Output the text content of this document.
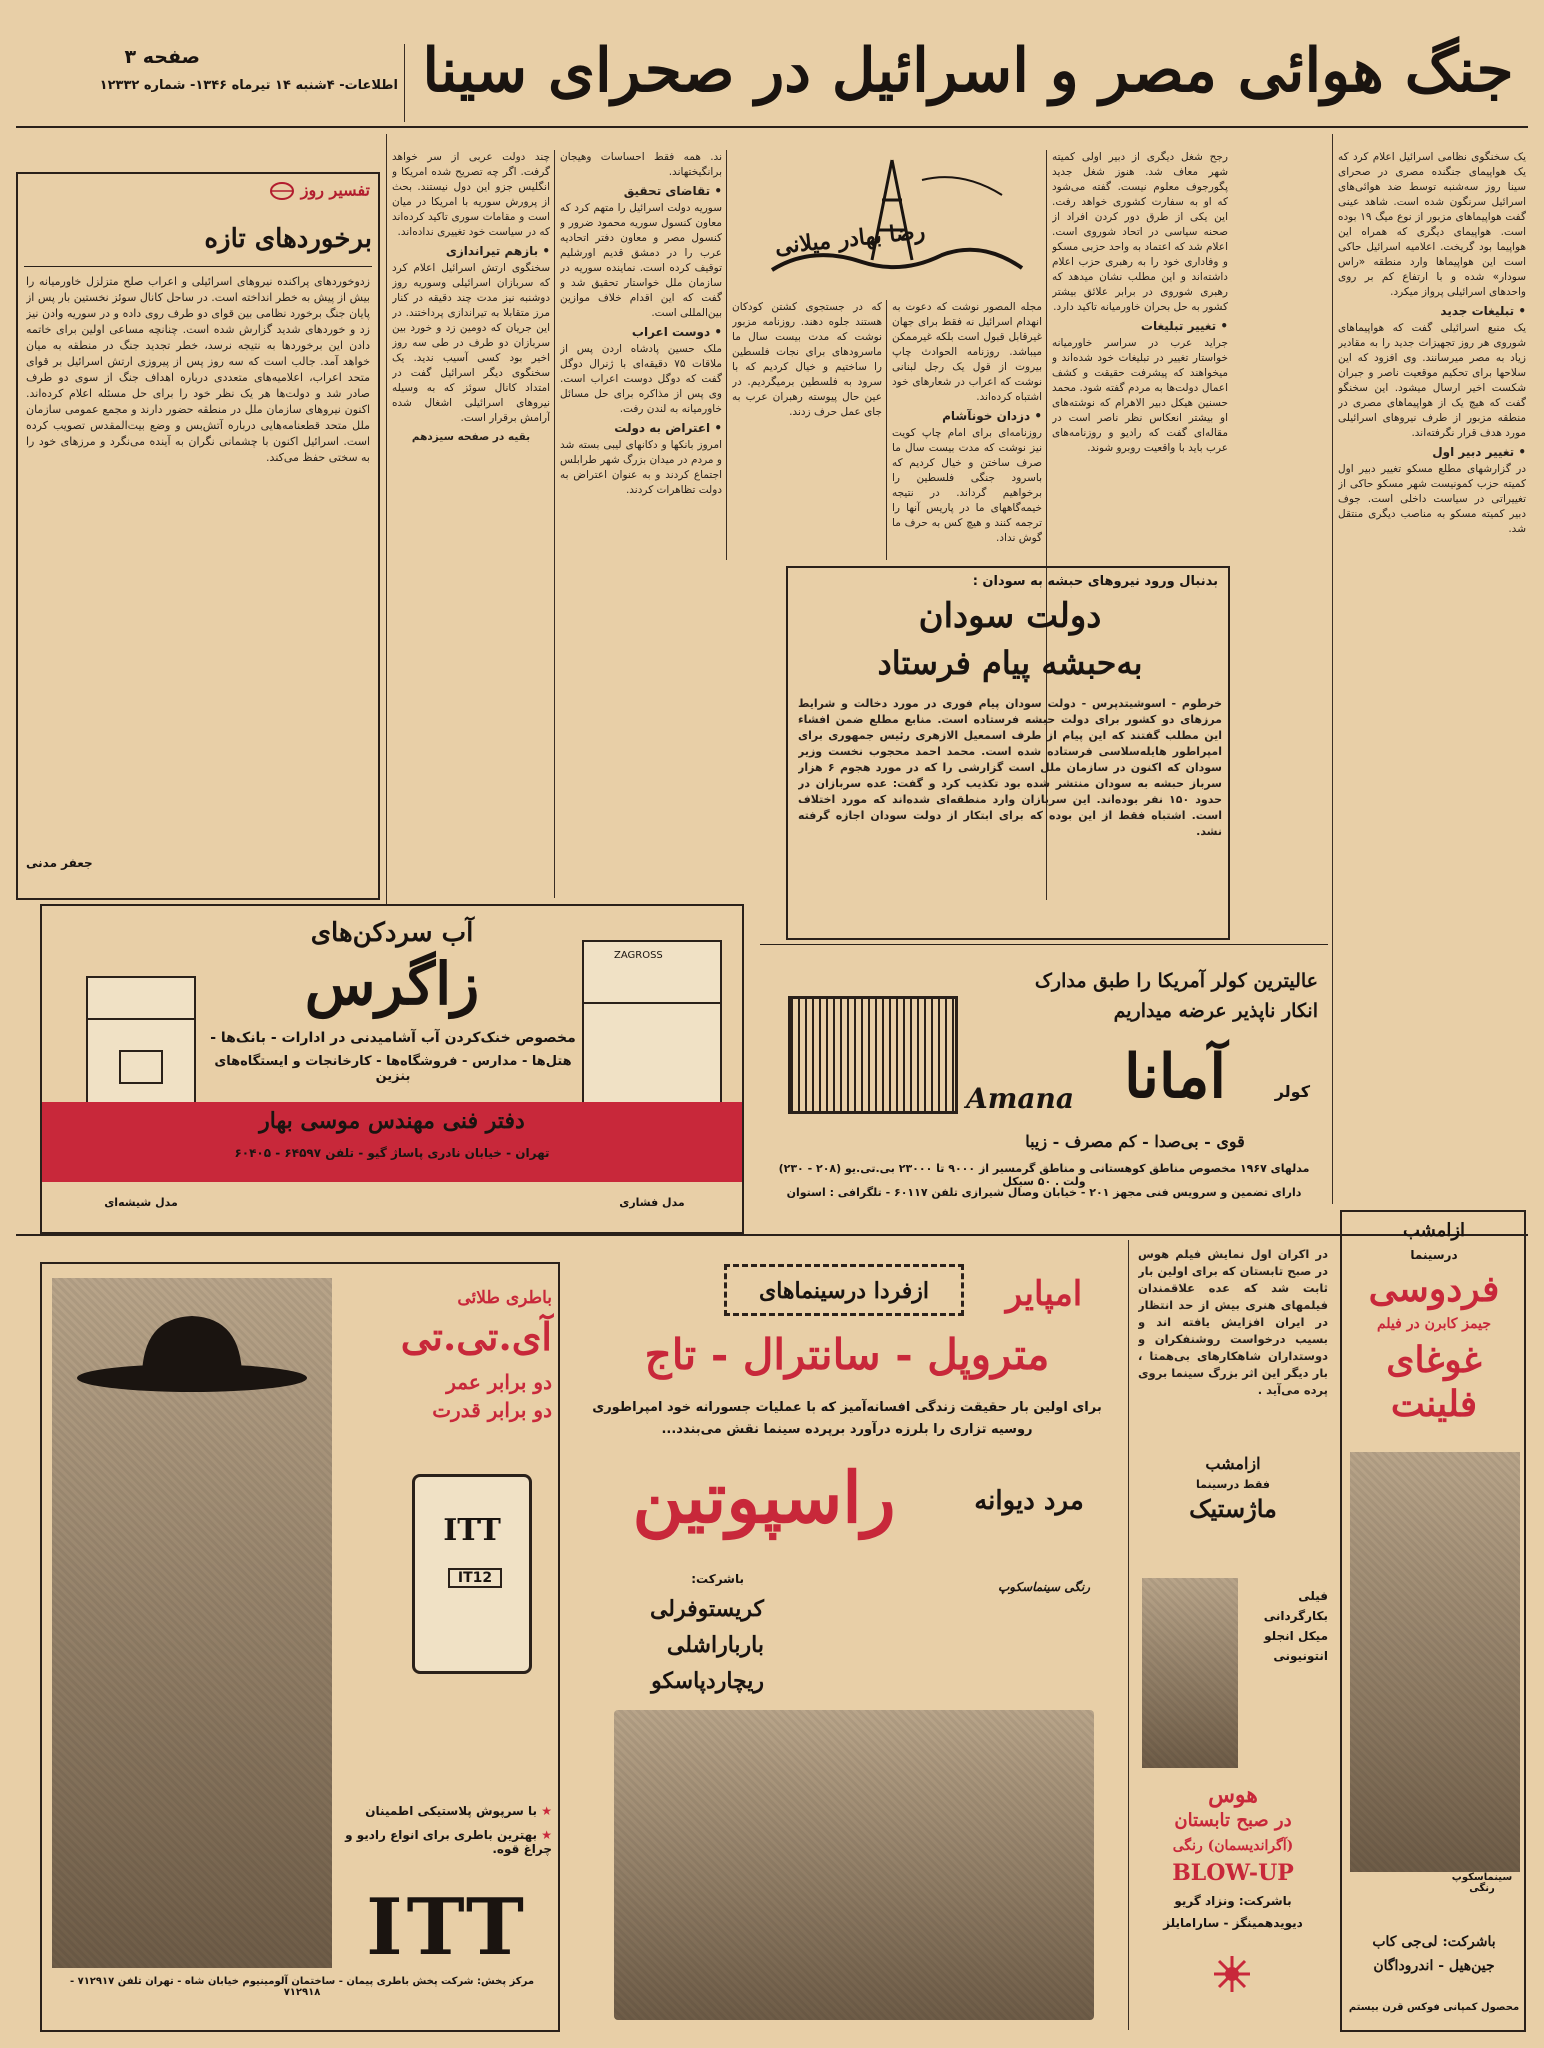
صفحه ۳
اطلاعات- ۴شنبه ۱۴ تیرماه ۱۳۴۶- شماره ۱۲۳۳۲ جنگ هوائی مصر و اسرائیل در صحرای سینا
تفسیر روز
برخوردهای تازه
زدوخوردهای پراکنده نیروهای اسرائیلی و اعراب صلح متزلزل خاورمیانه را بیش از پیش به خطر انداخته است. در ساحل کانال سوئز نخستین بار پس از پایان جنگ برخورد نظامی بین قوای دو طرف روی داده و در سوریه وادن نیز زد و خوردهای شدید گزارش شده است. چنانچه مساعی اولین برای خاتمه دادن این برخوردها به نتیجه نرسد، خطر تجدید جنگ در منطقه به میان خواهد آمد. جالب است که سه روز پس از پیروزی ارتش اسرائیل بر قوای متحد اعراب، اعلامیه‌های متعددی درباره اهداف جنگ از سوی دو طرف صادر شد و دولت‌ها هر یک نظر خود را برای حل مسئله اعلام کرده‌اند. اکنون نیروهای سازمان ملل در منطقه حضور دارند و مجمع عمومی سازمان ملل متحد قطعنامه‌هایی درباره آتش‌بس و وضع بیت‌المقدس تصویب کرده است. اسرائیل اکنون با چشمانی نگران به آینده می‌نگرد و مرزهای خود را به سختی حفظ می‌کند.
جعفر مدنی

چند دولت عربی از سر خواهد گرفت. اگر چه تصریح شده امریکا و انگلیس جزو این دول نیستند. بحث از پرورش سوریه با امریکا در میان است و مقامات سوری تاکید کرده‌اند که در سیاست خود تغییری نداده‌اند.

• بازهم تیراندازی

سخنگوی ارتش اسرائیل اعلام کرد که سربازان اسرائیلی وسوریه روز دوشنبه نیز مدت چند دقیقه در کنار مرز متقابلا به تیراندازی پرداختند. در این جریان که دومین زد و خورد بین سربازان دو طرف در طی سه روز اخیر بود کسی آسیب ندید. یک سخنگوی دیگر اسرائیل گفت در امتداد کانال سوئز که به وسیله نیروهای اسرائیلی اشغال شده آرامش برقرار است.

بقیه در صفحه سیزدهم

ند. همه فقط احساسات وهیجان برانگیختهاند.

• تقاضای تحقیق

سوریه دولت اسرائیل را متهم کرد که معاون کنسول سوریه محمود ضرور و کنسول مصر و معاون دفتر اتحادیه عرب را در دمشق قدیم اورشلیم توقیف کرده است. نماینده سوریه در سازمان ملل خواستار تحقیق شد و گفت که این اقدام خلاف موازین بین‌المللی است.

• دوست اعراب

ملک حسین پادشاه اردن پس از ملاقات ۷۵ دقیقه‌ای با ژنرال دوگل گفت که دوگل دوست اعراب است. وی پس از مذاکره برای حل مسائل خاورمیانه به لندن رفت.

• اعتراض به دولت

امروز بانکها و دکانهای لیبی بسته شد و مردم در میدان بزرگ شهر طرابلس اجتماع کردند و به عنوان اعتراض به دولت تظاهرات کردند.

که در جستجوی کشتن کودکان هستند جلوه دهند. روزنامه مزبور نوشت که مدت بیست سال ما ماسرودهای برای نجات فلسطین را ساختیم و خیال کردیم که با سرود به فلسطین برمیگردیم. در عین حال پیوسته رهبران عرب به جای عمل حرف زدند.

مجله المصور نوشت که دعوت به انهدام اسرائیل نه فقط برای جهان غیرقابل قبول است بلکه غیرممکن میباشد. روزنامه الحوادث چاپ بیروت از قول یک رجل لبنانی نوشت که اعراب در شعارهای خود اشتباه کرده‌اند.

• دزدان خونآشام

روزنامه‌ای برای امام چاپ کویت نیز نوشت که مدت بیست سال ما صرف ساختن و خیال کردیم که باسرود جنگی فلسطین را برخواهیم گرداند. در نتیجه خیمه‌گاههای ما در پاریس آنها را ترجمه کنند و هیچ کس به حرف ما گوش نداد.

رضا بهادر میلانی

رجح شغل دیگری از دبیر اولی کمیته شهر معاف شد. هنوز شغل جدید پگورجوف معلوم نیست. گفته می‌شود که او به سفارت کشوری خواهد رفت. این یکی از طرق دور کردن افراد از صحنه سیاسی در اتحاد شوروی است. اعلام شد که اعتماد به واحد حزبی مسکو و وفاداری خود را به رهبری حزب اعلام داشته‌اند و این مطلب نشان میدهد که رهبری شوروی در برابر علائق بیشتر کشور به حل بحران خاورمیانه تاکید دارد.

• تغییر تبلیغات

جراید عرب در سراسر خاورمیانه خواستار تغییر در تبلیغات خود شده‌اند و میخواهند که پیشرفت حقیقت و کشف اعمال دولت‌ها به مردم گفته شود. محمد حسنین هیکل دبیر الاهرام که نوشته‌های او بیشتر انعکاس نظر ناصر است در مقاله‌ای گفت که رادیو و روزنامه‌های عرب باید با واقعیت روبرو شوند.

یک سخنگوی نظامی اسرائیل اعلام کرد که یک هواپیمای جنگنده مصری در صحرای سینا روز سه‌شنبه توسط ضد هوائی‌های اسرائیل سرنگون شده است. شاهد عینی گفت هواپیماهای مزبور از نوع میگ ۱۹ بوده است. هواپیمای دیگری که همراه این هواپیما بود گریخت. اعلامیه اسرائیل حاکی است این هواپیماها وارد منطقه «راس سودار» شده و با ارتفاع کم بر روی واحدهای اسرائیلی پرواز میکرد.

• تبلیغات جدید

یک منبع اسرائیلی گفت که هواپیماهای شوروی هر روز تجهیزات جدید را به مقادیر زیاد به مصر میرسانند. وی افزود که این سلاحها برای تحکیم موقعیت ناصر و جبران شکست اخیر ارسال میشود. این سخنگو گفت که هیچ یک از هواپیماهای مصری در منطقه مزبور از طرف نیروهای اسرائیلی مورد هدف قرار نگرفته‌اند.

• تغییر دبیر اول

در گزارشهای مطلع مسکو تغییر دبیر اول کمیته حزب کمونیست شهر مسکو حاکی از تغییراتی در سیاست داخلی است. جوف دبیر کمیته مسکو به مناصب دیگری منتقل شد.

بدنبال ورود نیروهای حبشه به سودان :
دولت سودان
به‌حبشه پیام فرستاد
خرطوم - اسوشیتدپرس - دولت سودان پیام فوری در مورد دخالت و شرایط مرزهای دو کشور برای دولت حبشه فرستاده است. منابع مطلع ضمن افشاء این مطلب گفتند که این پیام از طرف اسمعیل الازهری رئیس جمهوری برای امپراطور هایله‌سلاسی فرستاده شده است. محمد احمد محجوب نخست وزیر سودان که اکنون در سازمان ملل است گزارشی را که در مورد هجوم ۶ هزار سرباز حبشه به سودان منتشر شده بود تکذیب کرد و گفت: عده سربازان در حدود ۱۵۰ نفر بوده‌اند. این سربازان وارد منطقه‌ای شده‌اند که مورد اختلاف است. اشتباه فقط از این بوده که برای ابتکار از دولت سودان اجازه گرفته نشد.
ZAGROSS
آب سردکن‌های
زاگرس
مخصوص خنک‌کردن آب آشامیدنی در ادارات - بانک‌ها -
هتل‌ها - مدارس - فروشگاه‌ها - کارخانجات و ایستگاه‌های بنزین
دفتر فنی مهندس موسی بهار
تهران - خیابان نادری پاساژ گیو - تلفن ۶۴۵۹۷ - ۶۰۴۰۵
مدل شیشه‌ای	مدل فشاری
عالیترین کولر آمریکا را طبق مدارک
انکار ناپذیر عرضه میداریم
Amana آمانا	کولر
قوی - بی‌صدا - کم مصرف - زیبا
مدلهای ۱۹۶۷ مخصوص مناطق کوهستانی و مناطق گرمسیر از ۹۰۰۰ تا ۲۳۰۰۰ بی.تی.یو (۲۰۸ - ۲۳۰) ولت . ۵۰ سیکل
دارای تضمین و سرویس فنی مجهز ۲۰۱ - خیابان وصال شیرازی تلفن ۶۰۱۱۷ - تلگرافی : استوان
باطری طلائی
آی.تی.تی
دو برابر عمر
دو برابر قدرت
ITT
IT12
★ با سرپوش پلاستیکی اطمینان
★ بهترین باطری برای انواع رادیو و چراغ قوه.
ITT
مرکز پخش: شرکت پخش باطری پیمان - ساختمان آلومینیوم خیابان شاه - تهران تلفن ۷۱۲۹۱۷ - ۷۱۲۹۱۸
ازفردا درسینماهای	امپایر
متروپل - سانترال - تاج
برای اولین بار حقیقت زندگی افسانه‌آمیز که با عملیات جسورانه خود امپراطوری
روسیه تزاری را بلرزه درآورد برپرده سینما نقش می‌بندد...
راسپوتین	مرد دیوانه
رنگی سینماسکوپ
باشرکت:
کریستوفرلی
بارباراشلی
ریچاردپاسکو
در اکران اول نمایش فیلم هوس در صبح تابستان که برای اولین بار ثابت شد که عده علاقمندان فیلمهای هنری بیش از حد انتظار در ایران افزایش یافته اند و بسیب درخواست روشنفکران و دوستداران شاهکارهای بی‌همتا ، بار دیگر این اثر بزرگ سینما بروی پرده می‌آید .
ازامشب
فقط درسینما
ماژستیک
فیلی بکارگردانی میکل انجلو انتونیونی
هوس
در صبح تابستان
(آگراندیسمان) رنگی
BLOW-UP
باشرکت: ونزاد گریو
دیویدهمینگز - سارامایلز
ازامشب
درسینما
فردوسی
جیمز کابرن در فیلم
غوغای فلینت
سینماسکوپ رنگی
باشرکت: لی‌جی کاب
جین‌هیل - اندروداگان
محصول کمپانی فوکس قرن بیستم
